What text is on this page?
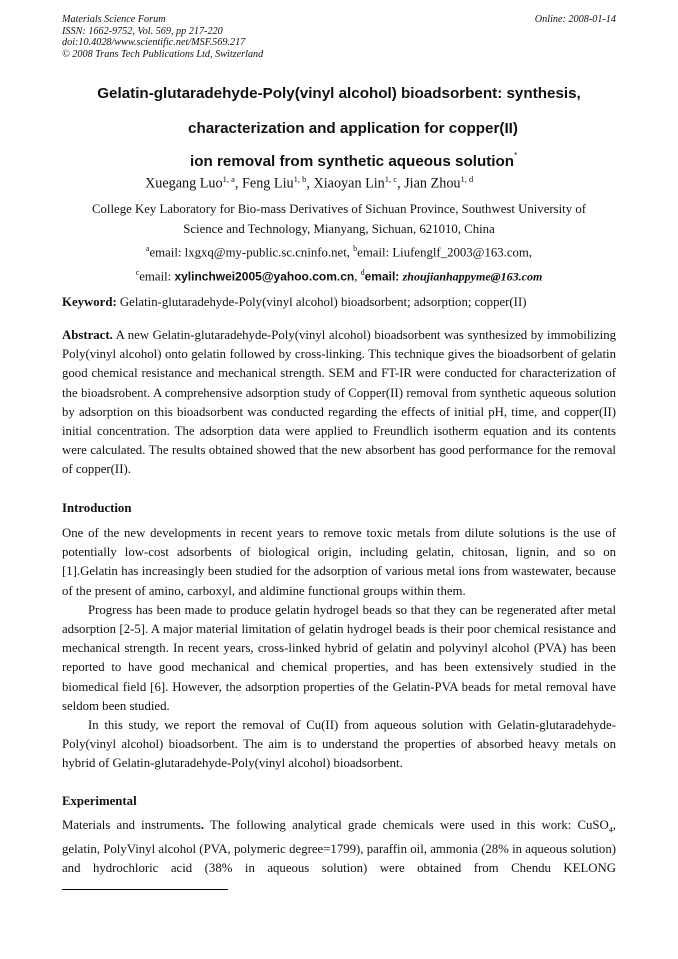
Materials Science Forum
ISSN: 1662-9752, Vol. 569, pp 217-220
doi:10.4028/www.scientific.net/MSF.569.217
© 2008 Trans Tech Publications Ltd, Switzerland
Online: 2008-01-14
Gelatin-glutaradehyde-Poly(vinyl alcohol) bioadsorbent: synthesis,
characterization and application for copper(II)
ion removal from synthetic aqueous solution*
Xuegang Luo$^{1, a}$, Feng Liu$^{1, b}$, Xiaoyan Lin$^{1, c}$, Jian Zhou$^{1, d}$
College Key Laboratory for Bio-mass Derivatives of Sichuan Province, Southwest University of
Science and Technology, Mianyang, Sichuan, 621010, China
$^a$email: lxgxq@my-public.sc.cninfo.net, $^b$email: Liufenglf_2003@163.com,
$^c$email: xylinchwei2005@yahoo.com.cn, $^d$email: zhoujianhappyme@163.com
Keyword: Gelatin-glutaradehyde-Poly(vinyl alcohol) bioadsorbent; adsorption; copper(II)
Abstract. A new Gelatin-glutaradehyde-Poly(vinyl alcohol) bioadsorbent was synthesized by immobilizing Poly(vinyl alcohol) onto gelatin followed by cross-linking. This technique gives the bioadsorbent of gelatin good chemical resistance and mechanical strength. SEM and FT-IR were conducted for characterization of the bioadsrobent. A comprehensive adsorption study of Copper(II) removal from synthetic aqueous solution by adsorption on this bioadsorbent was conducted regarding the effects of initial pH, time, and copper(II) initial concentration. The adsorption data were applied to Freundlich isotherm equation and its contents were calculated. The results obtained showed that the new absorbent has good performance for the removal of copper(II).
Introduction
One of the new developments in recent years to remove toxic metals from dilute solutions is the use of potentially low-cost adsorbents of biological origin, including gelatin, chitosan, lignin, and so on [1].Gelatin has increasingly been studied for the adsorption of various metal ions from wastewater, because of the present of amino, carboxyl, and aldimine functional groups within them.
Progress has been made to produce gelatin hydrogel beads so that they can be regenerated after metal adsorption [2-5]. A major material limitation of gelatin hydrogel beads is their poor chemical resistance and mechanical strength. In recent years, cross-linked hybrid of gelatin and polyvinyl alcohol (PVA) has been reported to have good mechanical and chemical properties, and has been extensively studied in the biomedical field [6]. However, the adsorption properties of the Gelatin-PVA beads for metal removal have seldom been studied.
In this study, we report the removal of Cu(II) from aqueous solution with Gelatin-glutaradehyde-Poly(vinyl alcohol) bioadsorbent. The aim is to understand the properties of absorbed heavy metals on hybrid of Gelatin-glutaradehyde-Poly(vinyl alcohol) bioadsorbent.
Experimental
Materials and instruments. The following analytical grade chemicals were used in this work: CuSO$_4$, gelatin, PolyVinyl alcohol (PVA, polymeric degree=1799), paraffin oil, ammonia (28% in aqueous solution) and hydrochloric acid (38% in aqueous solution) were obtained from Chendu KELONG
